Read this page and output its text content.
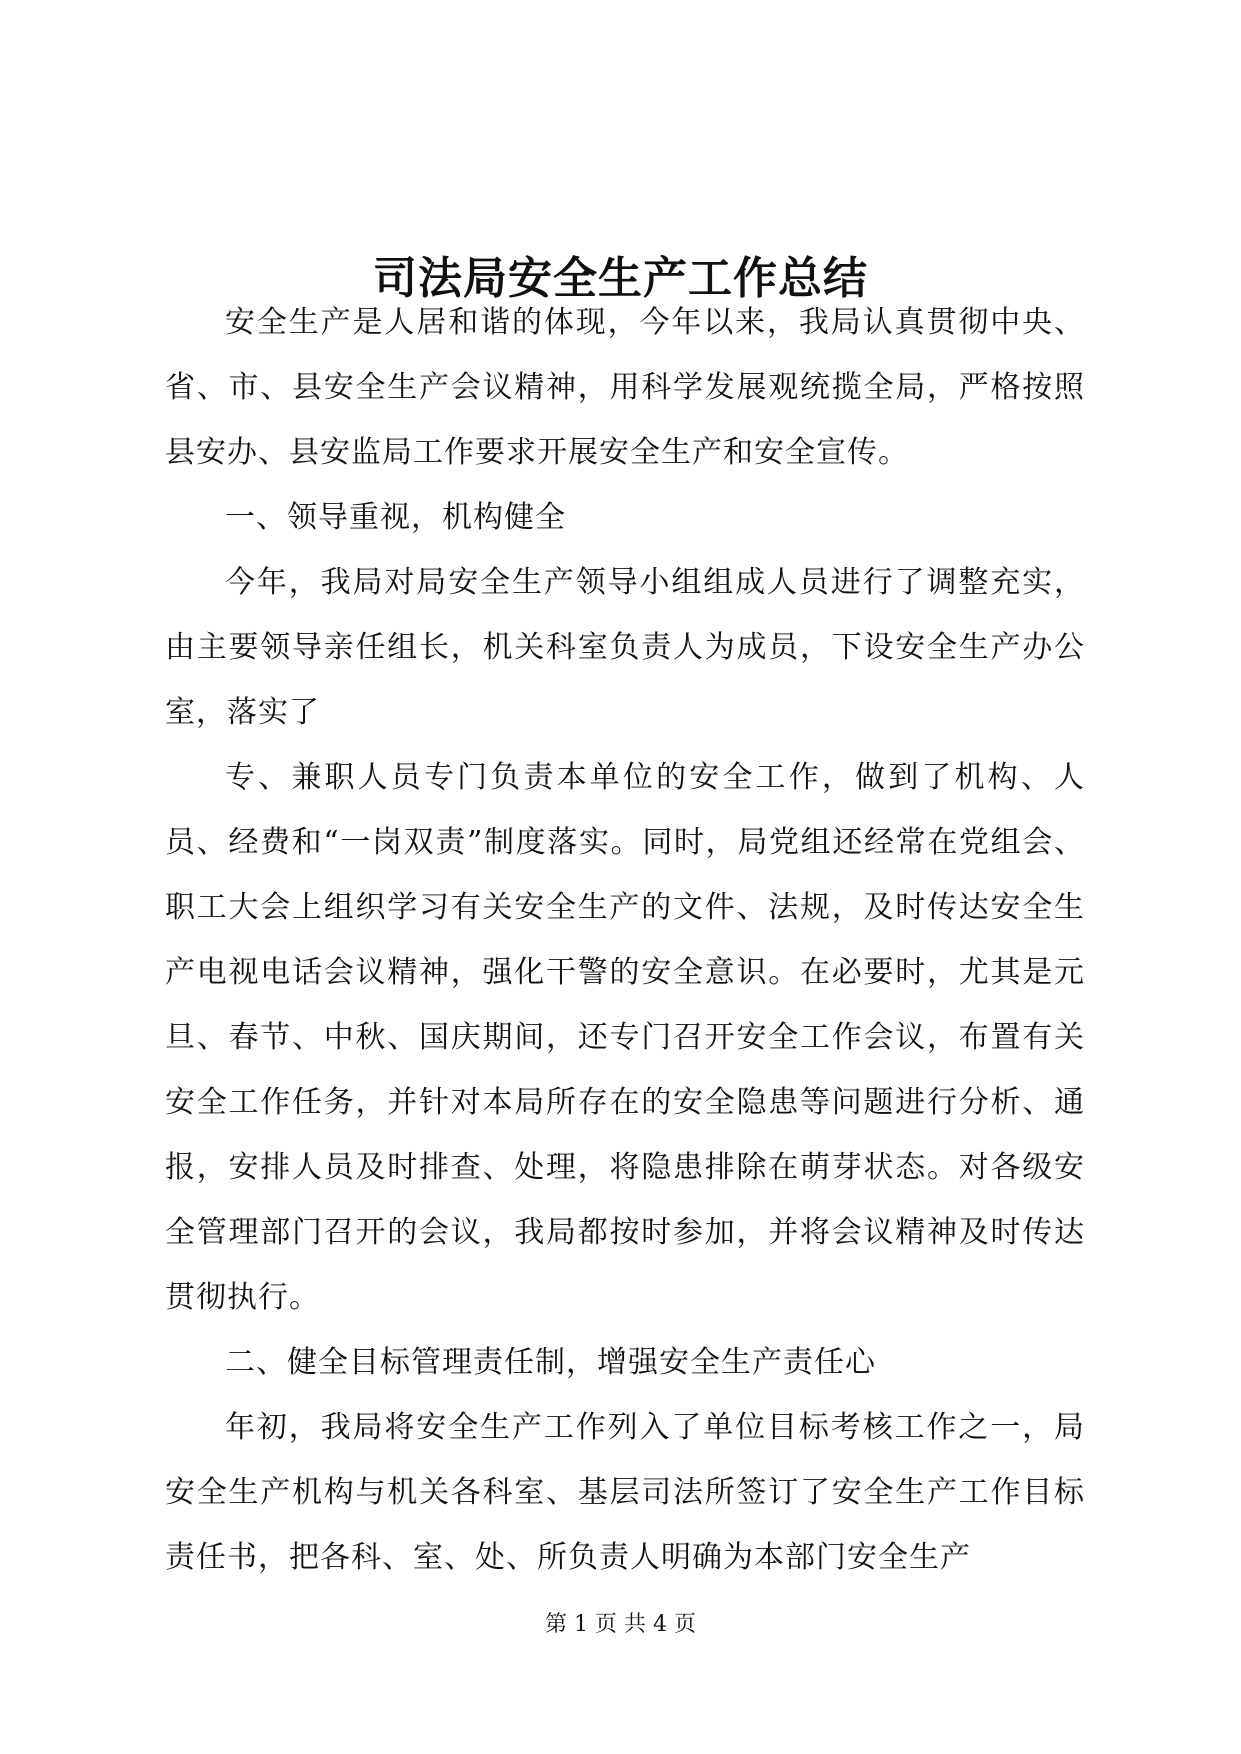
司法局安全生产工作总结

安全生产是人居和谐的体现，今年以来，我局认真贯彻中央、省、市、县安全生产会议精神，用科学发展观统揽全局，严格按照县安办、县安监局工作要求开展安全生产和安全宣传。

一、领导重视，机构健全

今年，我局对局安全生产领导小组组成人员进行了调整充实，由主要领导亲任组长，机关科室负责人为成员，下设安全生产办公室，落实了

专、兼职人员专门负责本单位的安全工作，做到了机构、人员、经费和“一岗双责”制度落实。同时，局党组还经常在党组会、职工大会上组织学习有关安全生产的文件、法规，及时传达安全生产电视电话会议精神，强化干警的安全意识。在必要时，尤其是元旦、春节、中秋、国庆期间，还专门召开安全工作会议，布置有关安全工作任务，并针对本局所存在的安全隐患等问题进行分析、通报，安排人员及时排查、处理，将隐患排除在萌芽状态。对各级安全管理部门召开的会议，我局都按时参加，并将会议精神及时传达贯彻执行。

二、健全目标管理责任制，增强安全生产责任心

年初，我局将安全生产工作列入了单位目标考核工作之一，局安全生产机构与机关各科室、基层司法所签订了安全生产工作目标责任书，把各科、室、处、所负责人明确为本部门安全生产

第 1 页 共 4 页
